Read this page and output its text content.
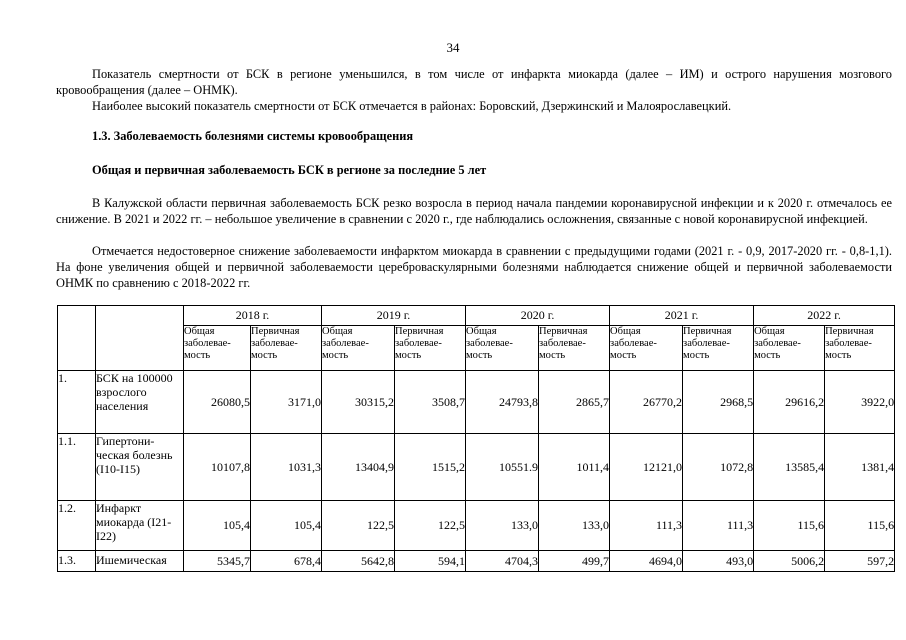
34

Показатель смертности от БСК в регионе уменьшился, в том числе от инфаркта миокарда (далее – ИМ) и острого нарушения мозгового кровообращения (далее – ОНМК).

Наиболее высокий показатель смертности от БСК отмечается в районах: Боровский, Дзержинский и Малоярославецкий.

1.3. Заболеваемость болезнями системы кровообращения

Общая и первичная заболеваемость БСК в регионе за последние 5 лет

В Калужской области первичная заболеваемость БСК резко возросла в период начала пандемии коронавирусной инфекции и к 2020 г. отмечалось ее снижение. В 2021 и 2022 гг. – небольшое увеличение в сравнении с 2020 г., где наблюдались осложнения, связанные с новой коронавирусной инфекцией.

Отмечается недостоверное снижение заболеваемости инфарктом миокарда в сравнении с предыдущими годами (2021 г. - 0,9, 2017-2020 гг. - 0,8-1,1). На фоне увеличения общей и первичной заболеваемости цереброваскулярными болезнями наблюдается снижение общей и первичной заболеваемости ОНМК по сравнению с 2018-2022 гг.

		2018 г.		2019 г.		2020 г.		2021 г.		2022 г.	
		Общая заболевае-мость	Первичная заболевае-мость	Общая заболевае-мость	Первичная заболевае-мость	Общая заболевае-мость	Первичная заболевае-мость	Общая заболевае-мость	Первичная заболевае-мость	Общая заболевае-мость	Первичная заболевае-мость
1.	БСК на 100000 взрослого населения	26080,5	3171,0	30315,2	3508,7	24793,8	2865,7	26770,2	2968,5	29616,2	3922,0
1.1.	Гипертони-ческая болезнь (I10-I15)	10107,8	1031,3	13404,9	1515,2	10551.9	1011,4	12121,0	1072,8	13585,4	1381,4
1.2.	Инфаркт миокарда (I21-I22)	105,4	105,4	122,5	122,5	133,0	133,0	111,3	111,3	115,6	115,6
1.3.	Ишемическая	5345,7	678,4	5642,8	594,1	4704,3	499,7	4694,0	493,0	5006,2	597,2
